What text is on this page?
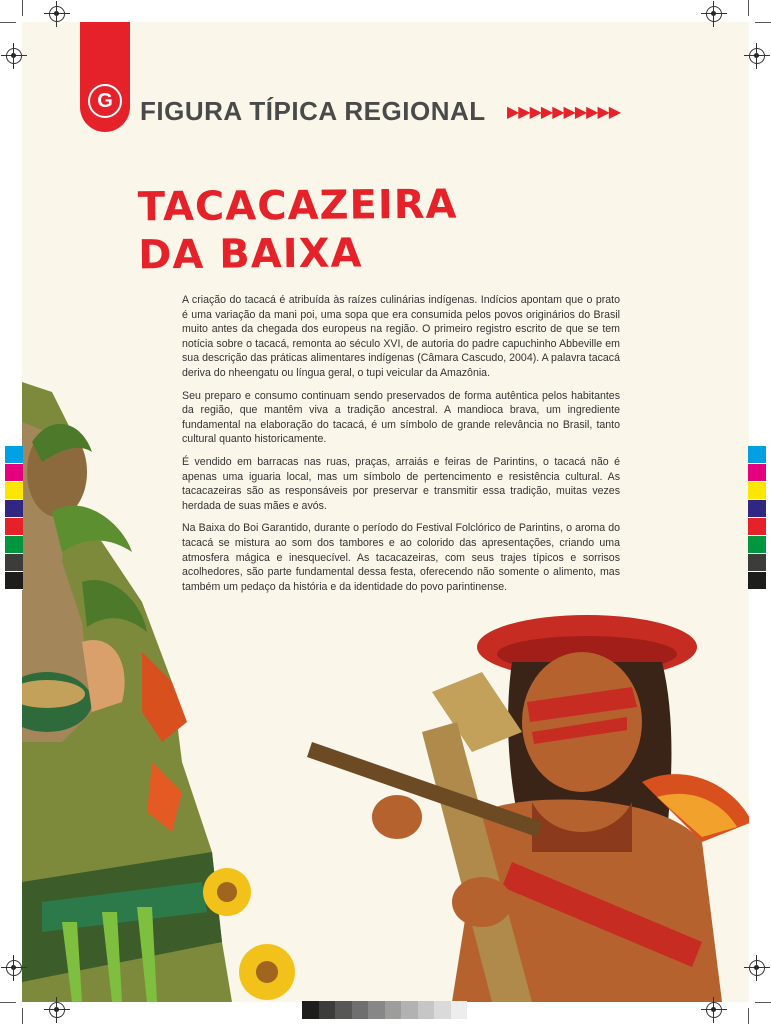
G	FIGURA TÍPICA REGIONAL ▶▶▶▶▶▶▶▶▶▶
TACACAZEIRA
DA BAIXA

A criação do tacacá é atribuída às raízes culinárias indígenas. Indícios apontam que o prato é uma variação da mani poi, uma sopa que era consumida pelos povos originários do Brasil muito antes da chegada dos europeus na região. O primeiro registro escrito de que se tem notícia sobre o tacacá, remonta ao século XVI, de autoria do padre capuchinho Abbeville em sua descrição das práticas alimentares indígenas (Câmara Cascudo, 2004). A palavra tacacá deriva do nheengatu ou língua geral, o tupi veicular da Amazônia.

Seu preparo e consumo continuam sendo preservados de forma autêntica pelos habitantes da região, que mantêm viva a tradição ancestral. A mandioca brava, um ingrediente fundamental na elaboração do tacacá, é um símbolo de grande relevância no Brasil, tanto cultural quanto historicamente.

É vendido em barracas nas ruas, praças, arraiás e feiras de Parintins, o tacacá não é apenas uma iguaria local, mas um símbolo de pertencimento e resistência cultural. As tacacazeiras são as responsáveis por preservar e transmitir essa tradição, muitas vezes herdada de suas mães e avós.

Na Baixa do Boi Garantido, durante o período do Festival Folclórico de Parintins, o aroma do tacacá se mistura ao som dos tambores e ao colorido das apresentações, criando uma atmosfera mágica e inesquecível. As tacacazeiras, com seus trajes típicos e sorrisos acolhedores, são parte fundamental dessa festa, oferecendo não somente o alimento, mas também um pedaço da história e da identidade do povo parintinense.
